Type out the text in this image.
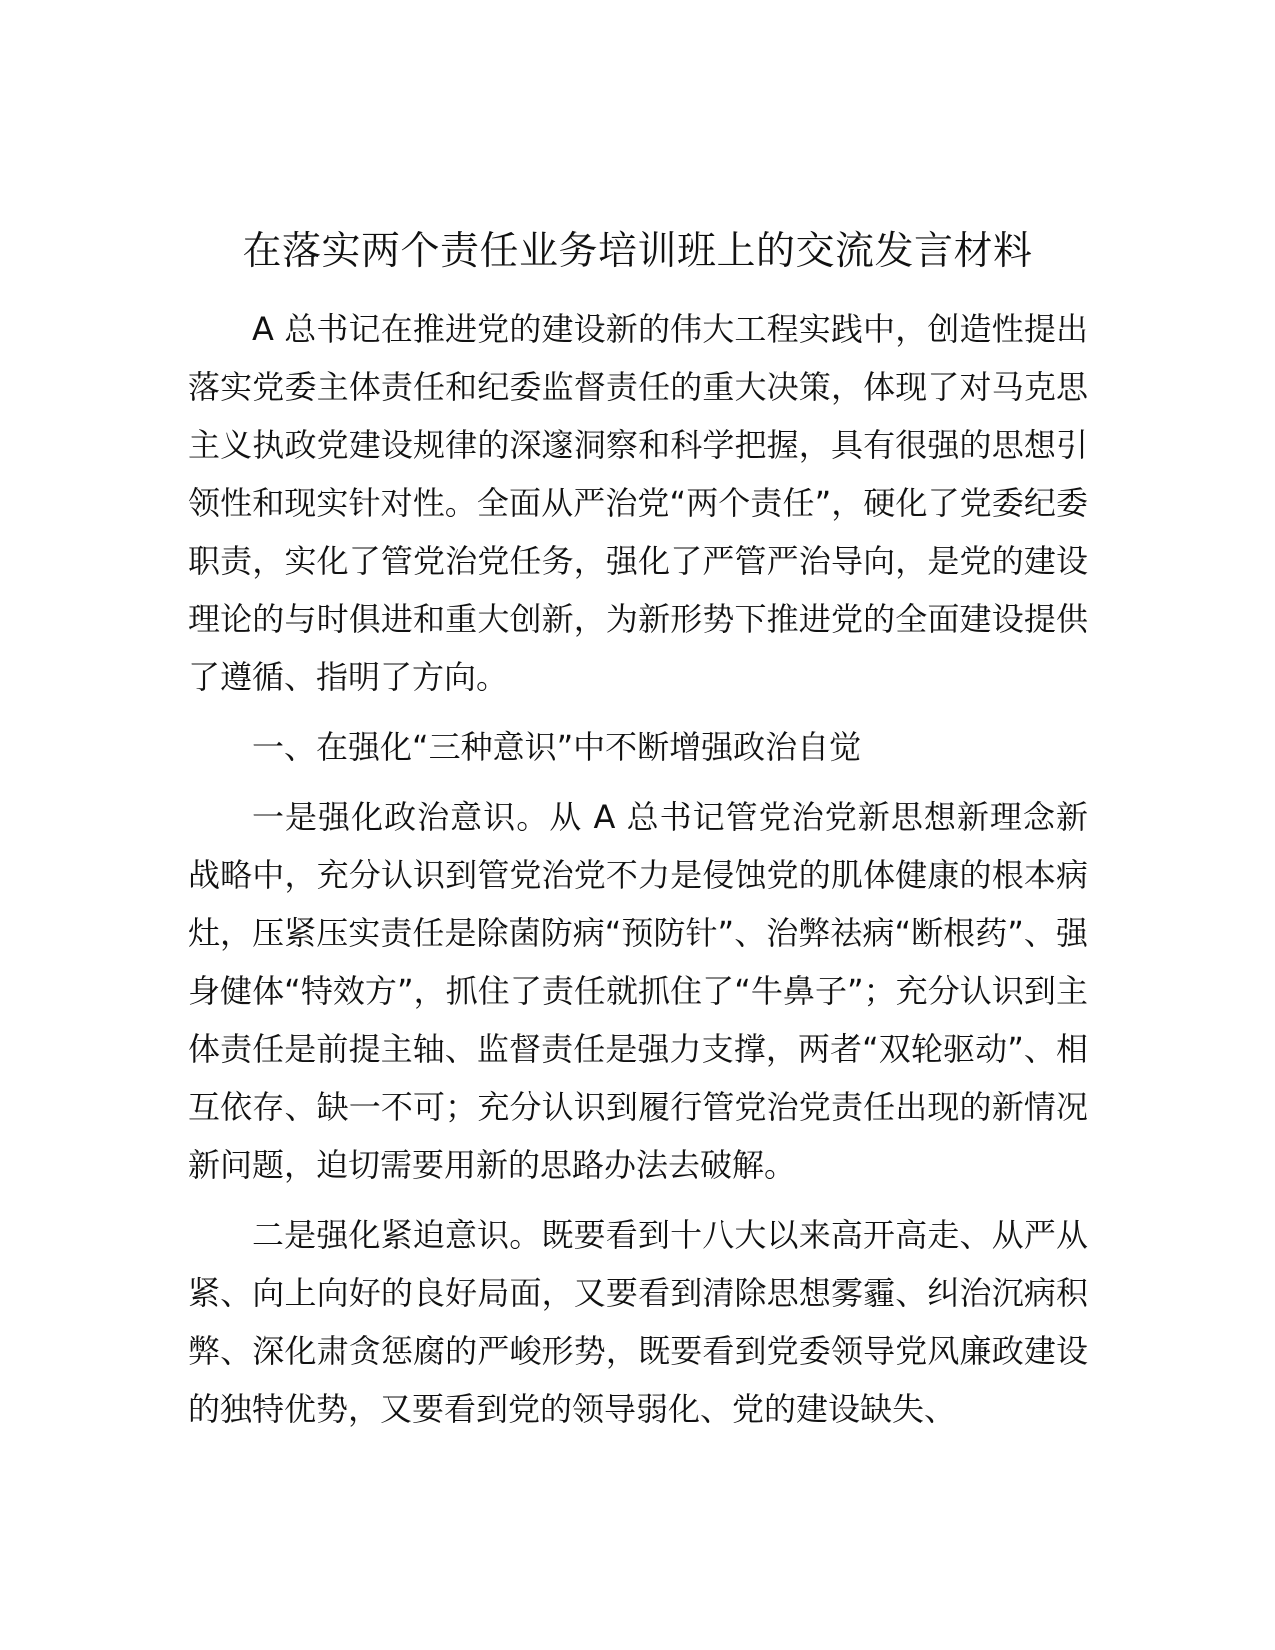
在落实两个责任业务培训班上的交流发言材料

A 总书记在推进党的建设新的伟大工程实践中，创造性提出落实党委主体责任和纪委监督责任的重大决策，体现了对马克思主义执政党建设规律的深邃洞察和科学把握，具有很强的思想引领性和现实针对性。全面从严治党“两个责任”，硬化了党委纪委职责，实化了管党治党任务，强化了严管严治导向，是党的建设理论的与时俱进和重大创新，为新形势下推进党的全面建设提供了遵循、指明了方向。

一、在强化“三种意识”中不断增强政治自觉

一是强化政治意识。从 A 总书记管党治党新思想新理念新战略中，充分认识到管党治党不力是侵蚀党的肌体健康的根本病灶，压紧压实责任是除菌防病“预防针”、治弊祛病“断根药”、强身健体“特效方”，抓住了责任就抓住了“牛鼻子”；充分认识到主体责任是前提主轴、监督责任是强力支撑，两者“双轮驱动”、相互依存、缺一不可；充分认识到履行管党治党责任出现的新情况新问题，迫切需要用新的思路办法去破解。

二是强化紧迫意识。既要看到十八大以来高开高走、从严从紧、向上向好的良好局面，又要看到清除思想雾霾、纠治沉病积弊、深化肃贪惩腐的严峻形势，既要看到党委领导党风廉政建设的独特优势，又要看到党的领导弱化、党的建设缺失、
